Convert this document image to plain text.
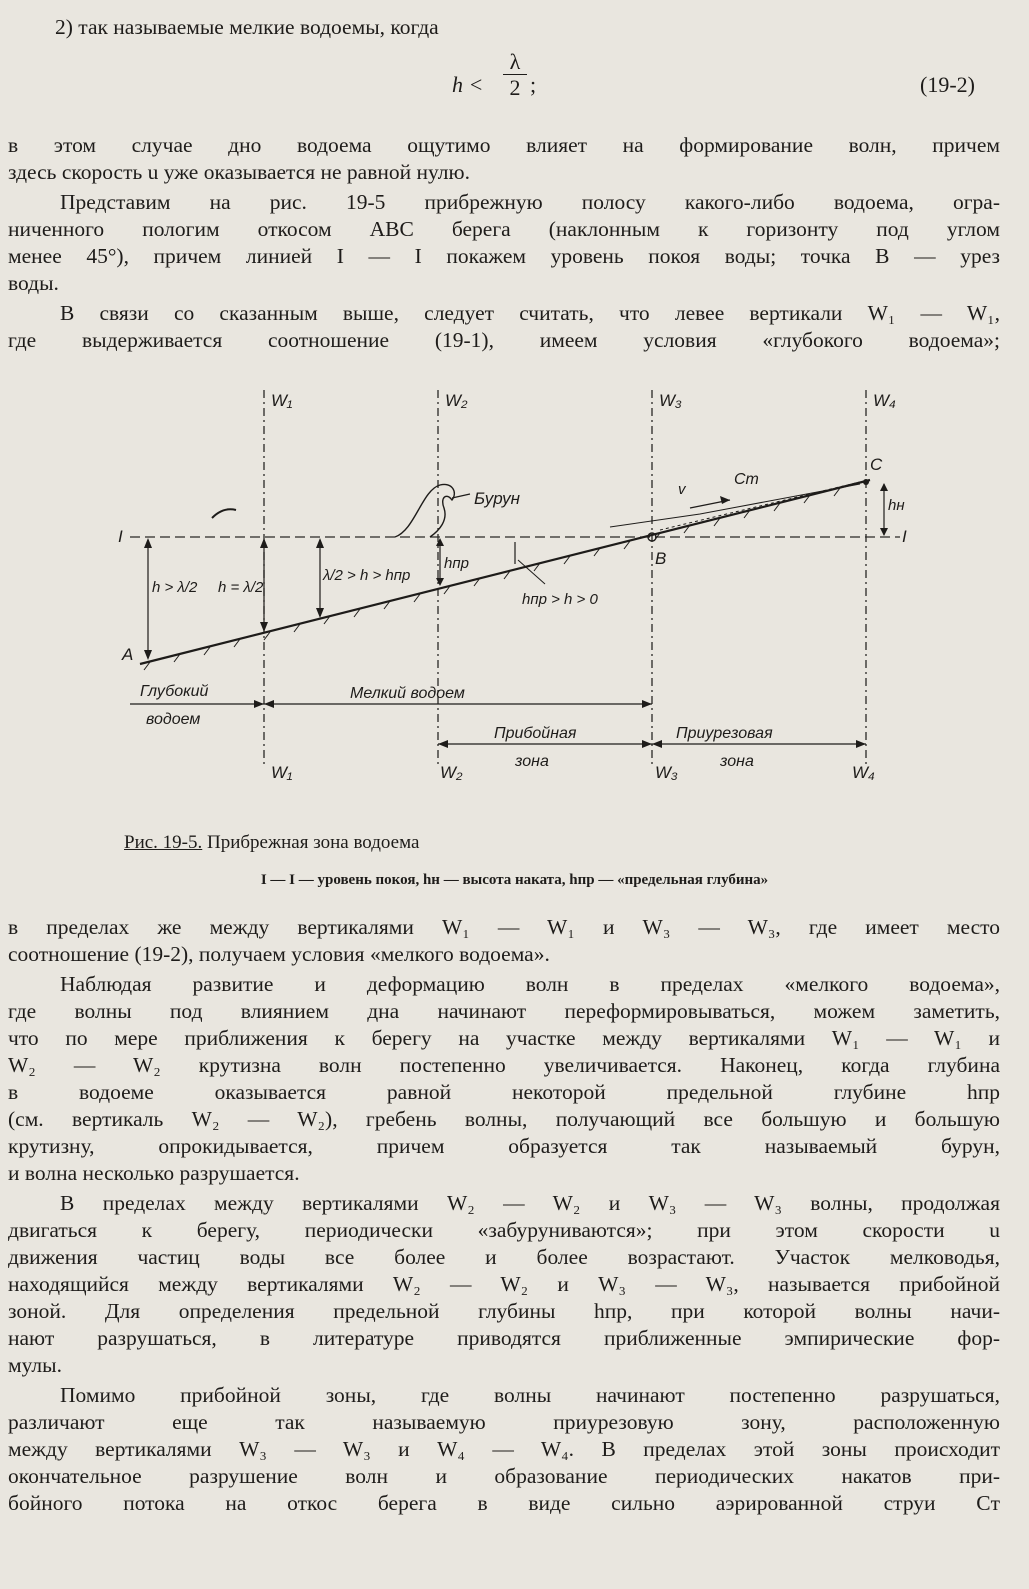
2) так называемые мелкие водоемы, когда

$h < \frac{\lambda}{2}$ ;	(19-2)

в этом случае дно водоема ощутимо влияет на формирование волн, причем

здесь скорость u уже оказывается не равной нулю.

Представим на рис. 19-5 прибрежную полосу какого-либо водоема, огра-

ниченного пологим откосом ABC берега (наклонным к горизонту под углом

менее 45°), причем линией I — I покажем уровень покоя воды; точка B — урез

воды.

В связи со сказанным выше, следует считать, что левее вертикали W₁ — W₁,

где выдерживается соотношение (19-1), имеем условия «глубокого водоема»;

W₁	W₂	W₃	W₄
W₁	W₂	W₃	W₄
I	I
A
B
C
Бурун
h > λ/2 h = λ/2
λ/2 > h > hпр
hпр
hпр > h > 0
v
Ст
hн
Глубокий
водоем
Мелкий водоем
Прибойная
зона
Приурезовая
зона
Рис. 19-5. Прибрежная зона водоема
I — I — уровень покоя, hн — высота наката, hпр — «предельная глубина»

в пределах же между вертикалями W₁ — W₁ и W₃ — W₃, где имеет место

соотношение (19-2), получаем условия «мелкого водоема».

Наблюдая развитие и деформацию волн в пределах «мелкого водоема»,

где волны под влиянием дна начинают переформировываться, можем заметить,

что по мере приближения к берегу на участке между вертикалями W₁ — W₁ и

W₂ — W₂ крутизна волн постепенно увеличивается. Наконец, когда глубина

в водоеме оказывается равной некоторой предельной глубине hпр

(см. вертикаль W₂ — W₂), гребень волны, получающий все большую и большую

крутизну, опрокидывается, причем образуется так называемый бурун,

и волна несколько разрушается.

В пределах между вертикалями W₂ — W₂ и W₃ — W₃ волны, продолжая

двигаться к берегу, периодически «забуруниваются»; при этом скорости u

движения частиц воды все более и более возрастают. Участок мелководья,

находящийся между вертикалями W₂ — W₂ и W₃ — W₃, называется прибойной

зоной. Для определения предельной глубины hпр, при которой волны начи-

нают разрушаться, в литературе приводятся приближенные эмпирические фор-

мулы.

Помимо прибойной зоны, где волны начинают постепенно разрушаться,

различают еще так называемую приурезовую зону, расположенную

между вертикалями W₃ — W₃ и W₄ — W₄. В пределах этой зоны происходит

окончательное разрушение волн и образование периодических накатов при-

бойного потока на откос берега в виде сильно аэрированной струи Cт
